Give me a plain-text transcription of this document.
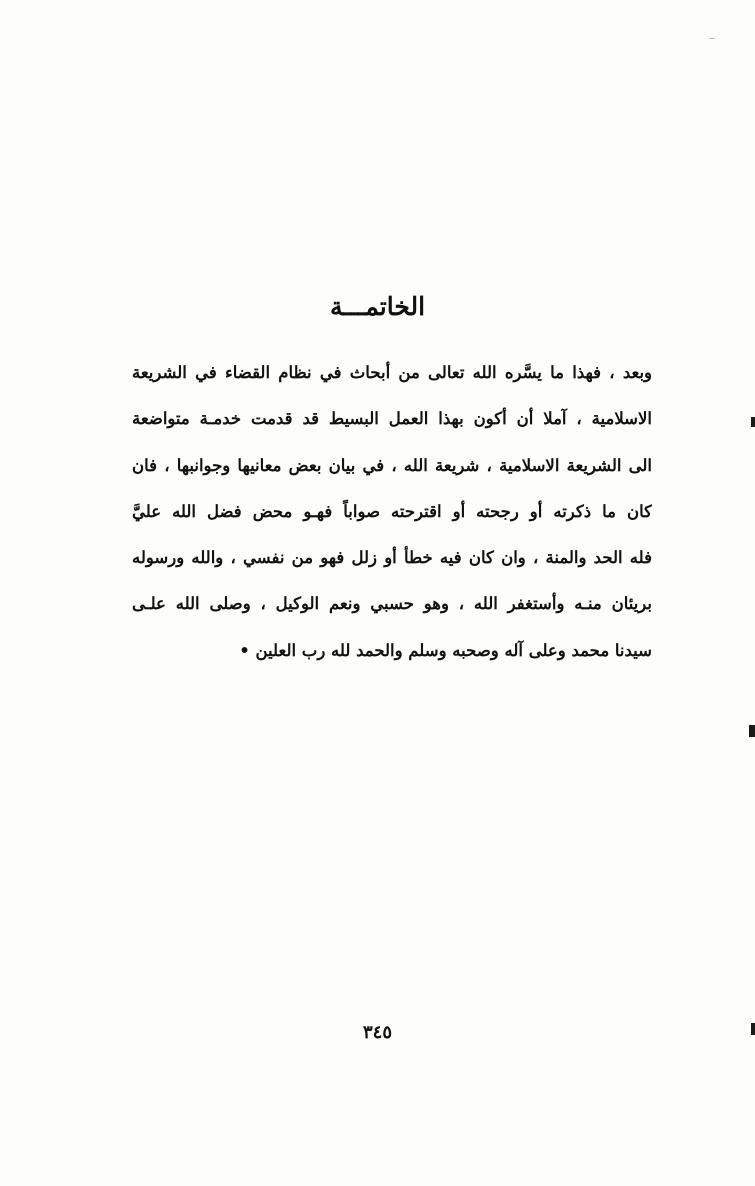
الخاتمـــة
وبعد ، فهذا ما يسَّره الله تعالى من أبحاث في نظام القضاء في الشريعة
الاسلامية ، آملا أن أكون بهذا العمل البسيط قد قدمت خدمـة متواضعة
الى الشريعة الاسلامية ، شريعة الله ، في بيان بعض معانيها وجوانبها ، فان
كان ما ذكرته أو رجحته أو اقترحته صواباً فهـو محض فضل الله عليَّ
فله الحد والمنة ، وان كان فيه خطأ أو زلل فهو من نفسي ، والله ورسوله
بريئان منـه وأستغفر الله ، وهو حسبي ونعم الوكيل ، وصلى الله علـى
سيدنا محمد وعلى آله وصحبه وسلم والحمد لله رب العلين •
٣٤٥
